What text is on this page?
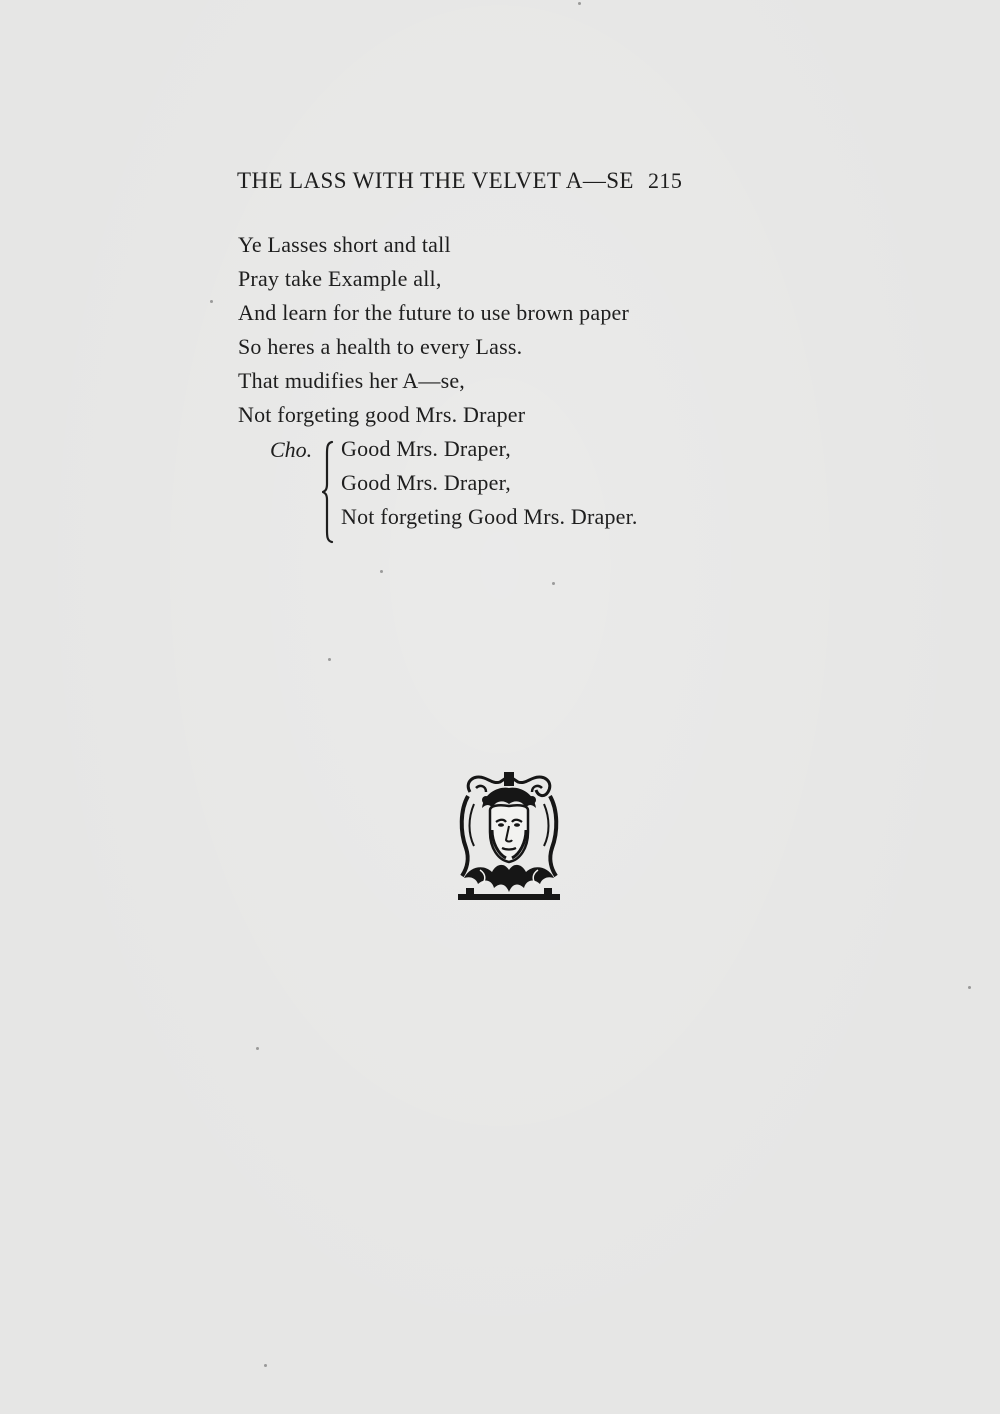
THE LASS WITH THE VELVET A—SE 215
Ye Lasses short and tall
Pray take Example all,
And learn for the future to use brown paper
So heres a health to every Lass.
That mudifies her A—se,
Not forgeting good Mrs. Draper
Cho. Good Mrs. Draper,
Good Mrs. Draper,
Not forgeting Good Mrs. Draper.
